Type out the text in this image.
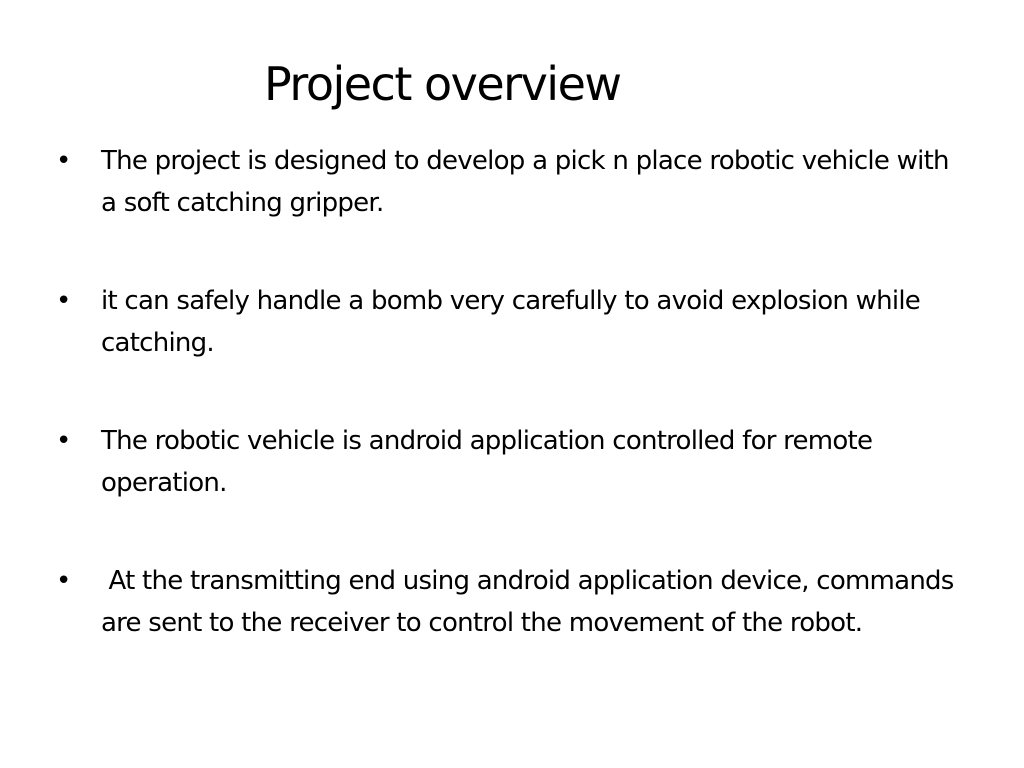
Project overview
• The project is designed to develop a pick n place robotic vehicle with a soft catching gripper.
• it can safely handle a bomb very carefully to avoid explosion while catching.
• The robotic vehicle is android application controlled for remote operation.
• At the transmitting end using android application device, commands are sent to the receiver to control the movement of the robot.
